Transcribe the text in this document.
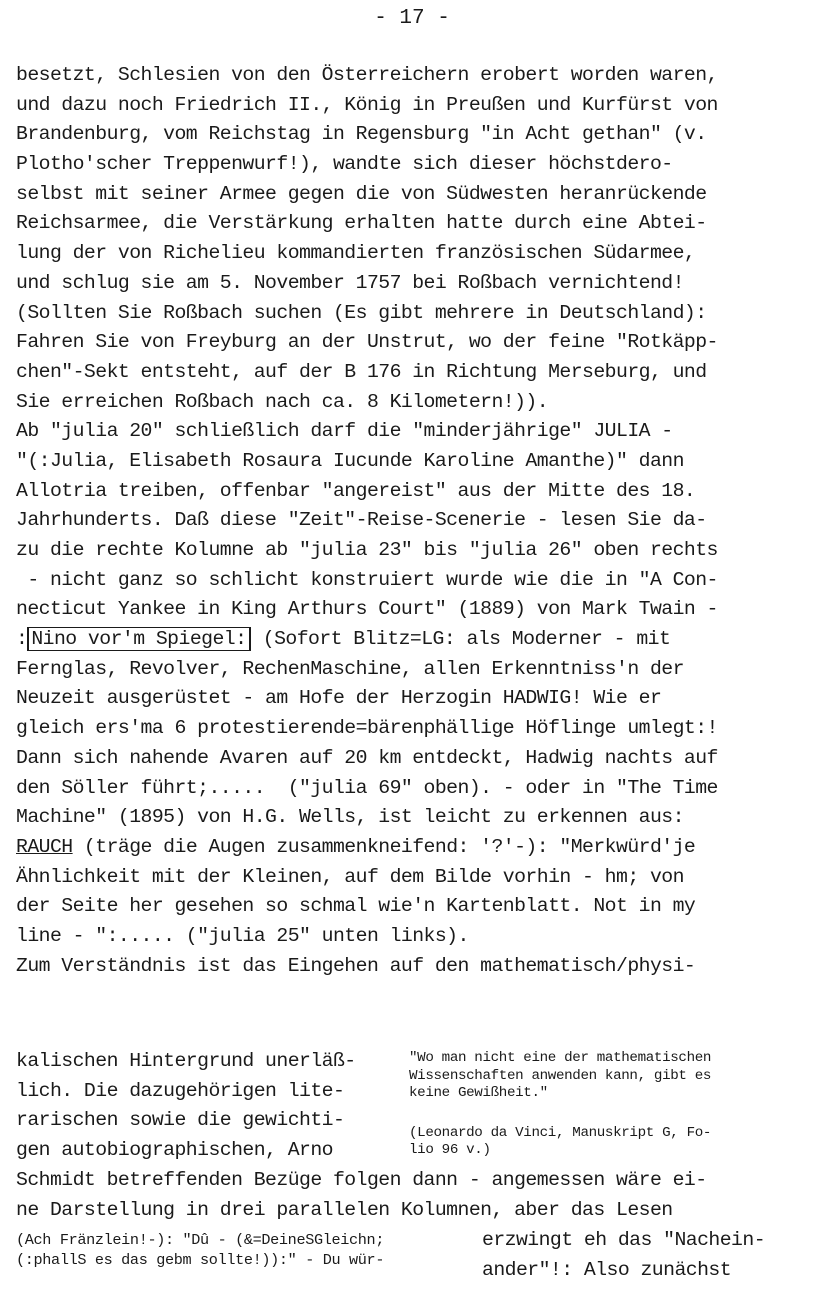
- 17 -
besetzt, Schlesien von den Österreichern erobert worden waren,
und dazu noch Friedrich II., König in Preußen und Kurfürst von
Brandenburg, vom Reichstag in Regensburg "in Acht gethan" (v.
Plotho'scher Treppenwurf!), wandte sich dieser höchstdero-
selbst mit seiner Armee gegen die von Südwesten heranrückende
Reichsarmee, die Verstärkung erhalten hatte durch eine Abtei-
lung der von Richelieu kommandierten französischen Südarmee,
und schlug sie am 5. November 1757 bei Roßbach vernichtend!
(Sollten Sie Roßbach suchen (Es gibt mehrere in Deutschland):
Fahren Sie von Freyburg an der Unstrut, wo der feine "Rotkäpp-
chen"-Sekt entsteht, auf der B 176 in Richtung Merseburg, und
Sie erreichen Roßbach nach ca. 8 Kilometern!)).
Ab "julia 20" schließlich darf die "minderjährige" JULIA -
"(:Julia, Elisabeth Rosaura Iucunde Karoline Amanthe)" dann
Allotria treiben, offenbar "angereist" aus der Mitte des 18.
Jahrhunderts. Daß diese "Zeit"-Reise-Scenerie - lesen Sie da-
zu die rechte Kolumne ab "julia 23" bis "julia 26" oben rechts
- nicht ganz so schlicht konstruiert wurde wie die in "A Con-
necticut Yankee in King Arthurs Court" (1889) von Mark Twain -
: Nino vor'm Spiegel: (Sofort Blitz=LG: als Moderner - mit
Fernglas, Revolver, RechenMaschine, allen Erkenntniss'n der
Neuzeit ausgerüstet - am Hofe der Herzogin HADWIG! Wie er
gleich ers'ma 6 protestierende=bärenphällige Höflinge umlegt:!
Dann sich nahende Avaren auf 20 km entdeckt, Hadwig nachts auf
den Söller führt;.....  ("julia 69" oben). - oder in "The Time
Machine" (1895) von H.G. Wells, ist leicht zu erkennen aus:
RAUCH (träge die Augen zusammenkneifend: '?'-): "Merkwürd'je
Ähnlichkeit mit der Kleinen, auf dem Bilde vorhin - hm; von
der Seite her gesehen so schmal wie'n Kartenblatt. Not in my
line - ":..... ("julia 25" unten links).
Zum Verständnis ist das Eingehen auf den mathematisch/physi-
kalischen Hintergrund unerläß-
lich. Die dazugehörigen lite-
rarischen sowie die gewichti-
gen autobiographischen, Arno
"Wo man nicht eine der mathematischen
Wissenschaften anwenden kann, gibt es
keine Gewißheit."
(Leonardo da Vinci, Manuskript G, Fo-
lio 96 v.)
Schmidt betreffenden Bezüge folgen dann - angemessen wäre ei-
ne Darstellung in drei parallelen Kolumnen, aber das Lesen
(Ach Fränzlein!-): "Dû - (&=DeineSGleichn;
(:phallS es das gebm sollte!)):" - Du wür-
erzwingt eh das "Nachein-
ander"!: Also zunächst
